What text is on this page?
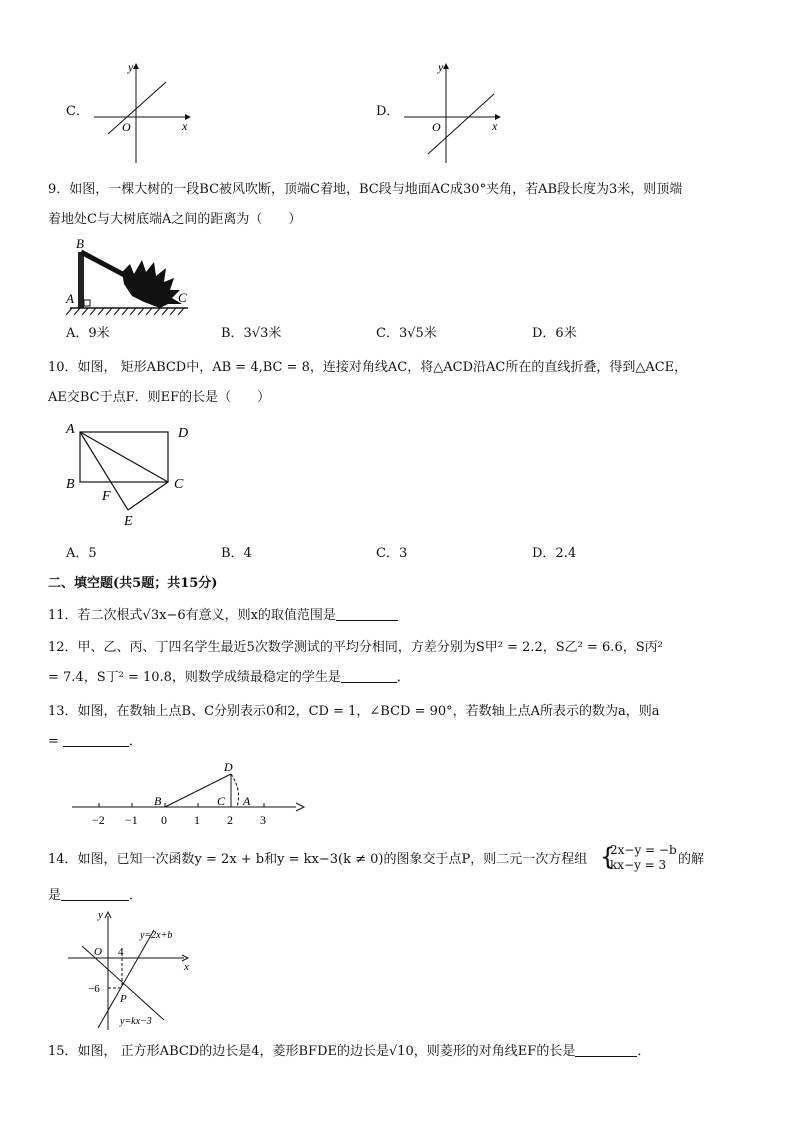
C．
y
x
O
D．
y
x
O
9．如图，一棵大树的一段BC被风吹断，顶端C着地，BC段与地面AC成30°夹角，若AB段长度为3米，则顶端
着地处C与大树底端A之间的距离为（　　）
B
A	C
A．9米	B．3√3米	C．3√5米	D．6米
10．如图， 矩形ABCD中，AB = 4,BC = 8，连接对角线AC，将△ACD沿AC所在的直线折叠，得到△ACE，
AE交BC于点F．则EF的长是（　　）
A	D
B	C
F
E
A．5	B．4	C．3	D．2.4
二、填空题(共5题；共15分)
11．若二次根式√3x−6有意义，则x的取值范围是
12．甲、乙、丙、丁四名学生最近5次数学测试的平均分相同，方差分别为S甲² = 2.2，S乙² = 6.6，S丙²
= 7.4，S丁² = 10.8，则数学成绩最稳定的学生是	．
13．如图，在数轴上点B、C分别表示0和2，CD = 1，∠BCD = 90°，若数轴上点A所表示的数为a，则a
=	．
−2 −1 0 1 2 3
B	C
D
A
14．如图，已知一次函数y = 2x + b和y = kx−3(k ≠ 0)的图象交于点P，则二元一次方程组 {
2x−y = −b
kx−y = 3 的解
是	．
y
x
O 4
−6
P
y=2x+b
y=kx−3
15．如图， 正方形ABCD的边长是4，菱形BFDE的边长是√10，则菱形的对角线EF的长是	．
